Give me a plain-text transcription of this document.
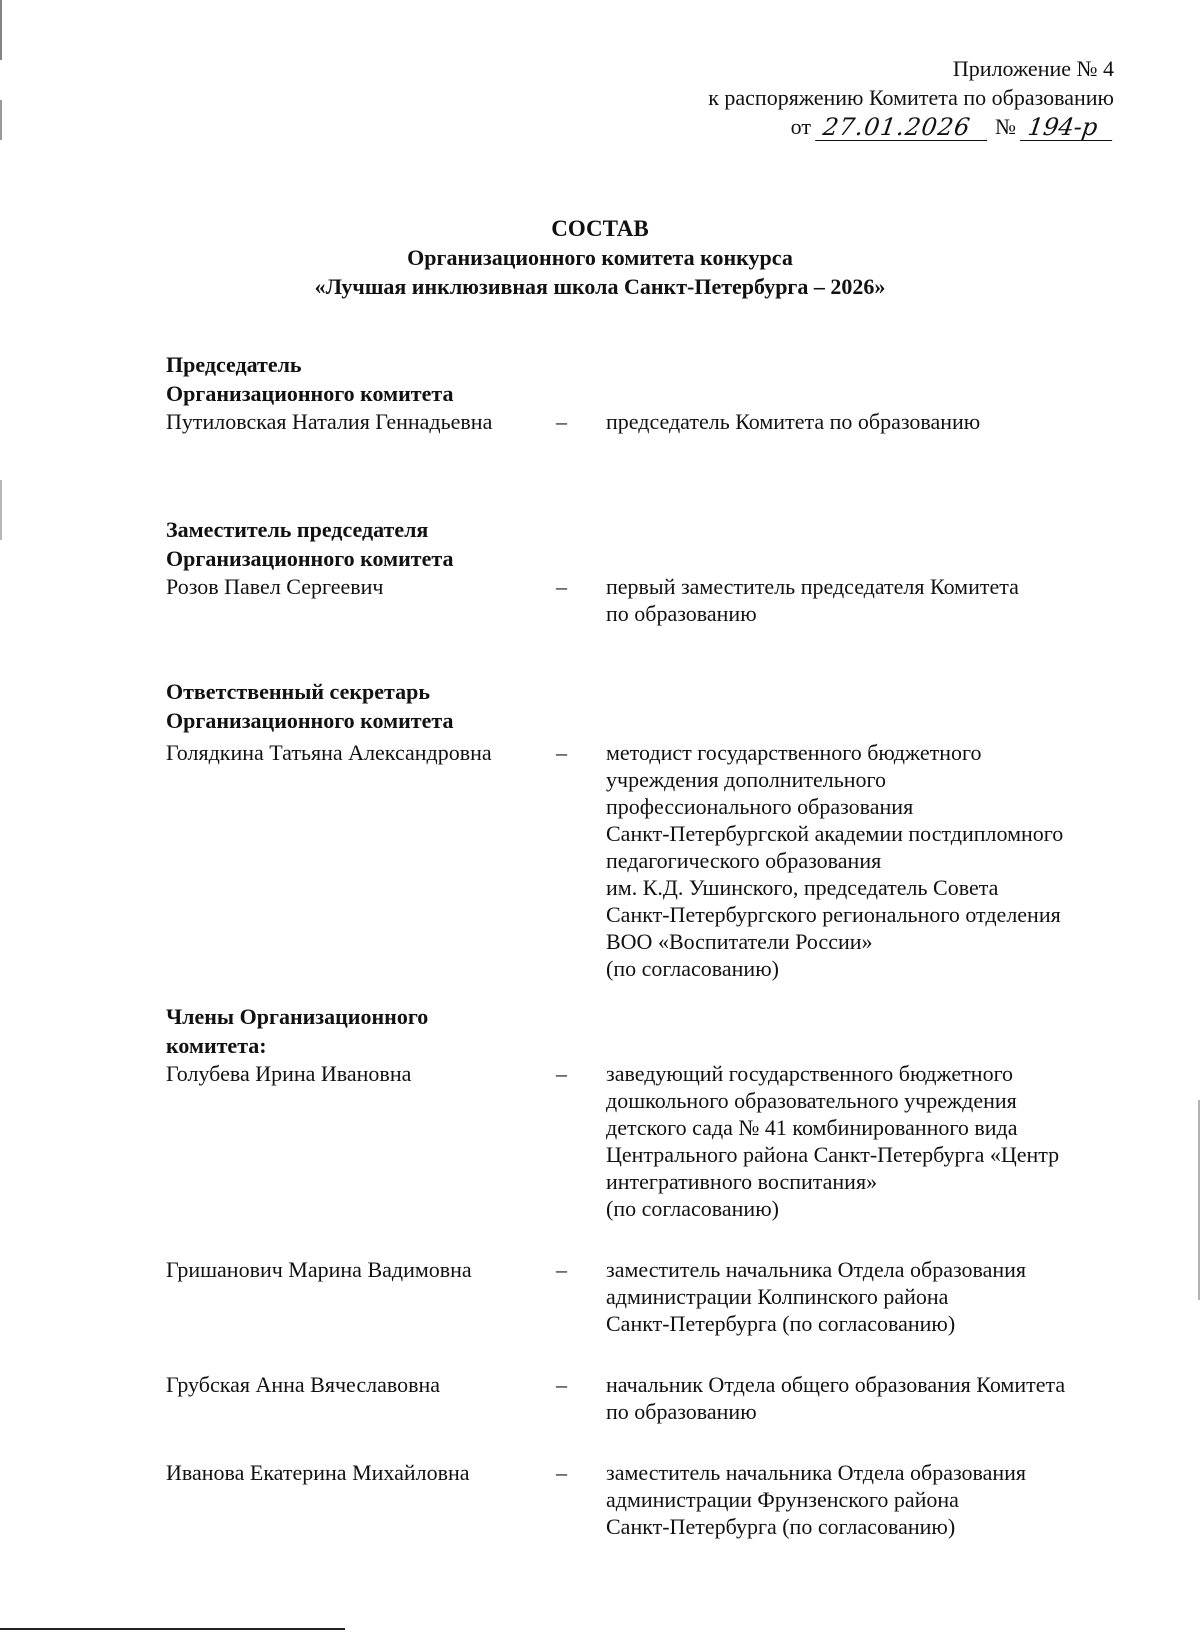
Приложение № 4
к распоряжению Комитета по образованию
от 27.01.2026	№ 194-р
СОСТАВ
Организационного комитета конкурса
«Лучшая инклюзивная школа Санкт-Петербурга – 2026»
Председатель
Организационного комитета
Путиловская Наталия Геннадьевна	–	председатель Комитета по образованию
Заместитель председателя
Организационного комитета
Розов Павел Сергеевич	–	первый заместитель председателя Комитета
по образованию
Ответственный секретарь
Организационного комитета
Голядкина Татьяна Александровна	–	методист государственного бюджетного
учреждения дополнительного
профессионального образования
Санкт-Петербургской академии постдипломного
педагогического образования
им. К.Д. Ушинского, председатель Совета
Санкт-Петербургского регионального отделения
ВОО «Воспитатели России»
(по согласованию)
Члены Организационного
комитета:
Голубева Ирина Ивановна	–	заведующий государственного бюджетного
дошкольного образовательного учреждения
детского сада № 41 комбинированного вида
Центрального района Санкт-Петербурга «Центр
интегративного воспитания»
(по согласованию)
Гришанович Марина Вадимовна	–	заместитель начальника Отдела образования
администрации Колпинского района
Санкт-Петербурга (по согласованию)
Грубская Анна Вячеславовна	–	начальник Отдела общего образования Комитета
по образованию
Иванова Екатерина Михайловна	–	заместитель начальника Отдела образования
администрации Фрунзенского района
Санкт-Петербурга (по согласованию)
